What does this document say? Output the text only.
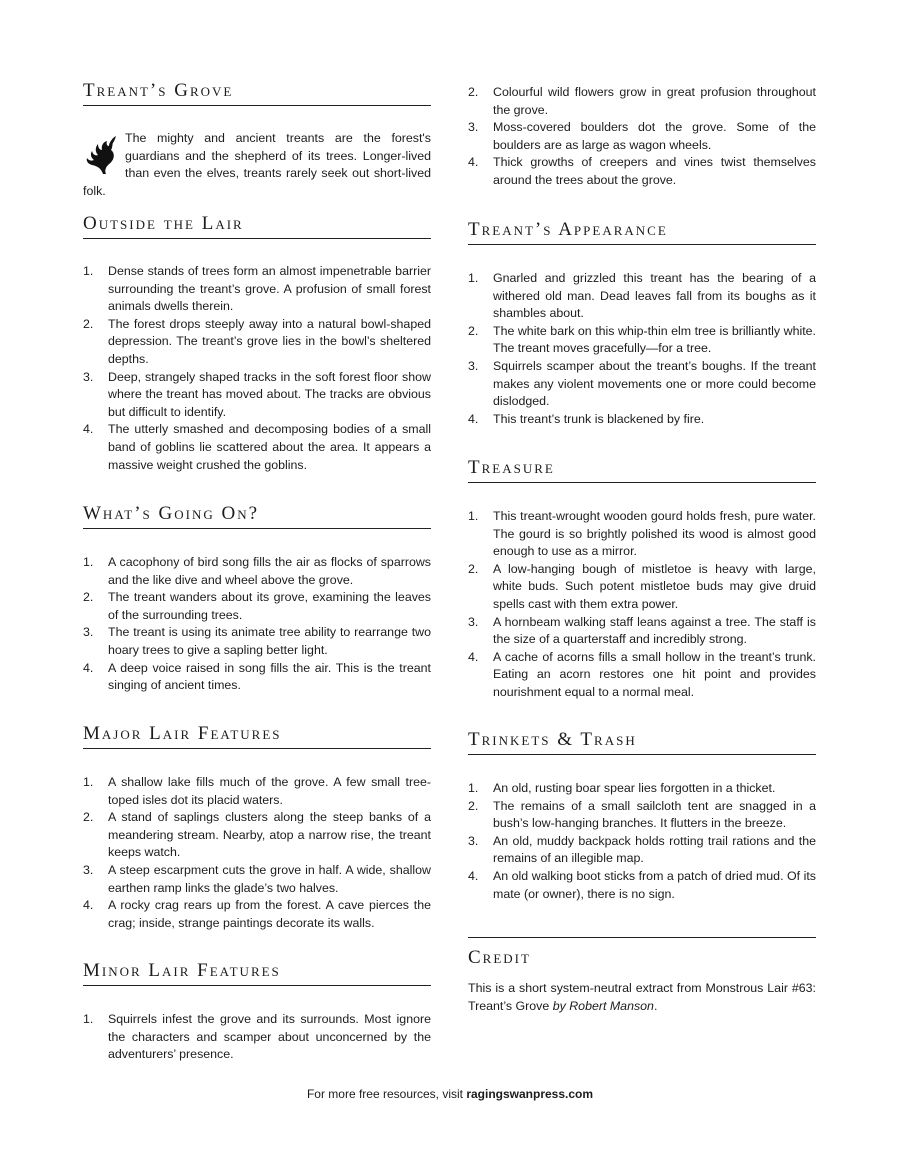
Treant’s Grove
The mighty and ancient treants are the forest's guardians and the shepherd of its trees. Longer-lived than even the elves, treants rarely seek out short-lived folk.
Outside the Lair
1. Dense stands of trees form an almost impenetrable barrier surrounding the treant’s grove. A profusion of small forest animals dwells therein.
2. The forest drops steeply away into a natural bowl-shaped depression. The treant’s grove lies in the bowl’s sheltered depths.
3. Deep, strangely shaped tracks in the soft forest floor show where the treant has moved about. The tracks are obvious but difficult to identify.
4. The utterly smashed and decomposing bodies of a small band of goblins lie scattered about the area. It appears a massive weight crushed the goblins.
What’s Going On?
1. A cacophony of bird song fills the air as flocks of sparrows and the like dive and wheel above the grove.
2. The treant wanders about its grove, examining the leaves of the surrounding trees.
3. The treant is using its animate tree ability to rearrange two hoary trees to give a sapling better light.
4. A deep voice raised in song fills the air. This is the treant singing of ancient times.
Major Lair Features
1. A shallow lake fills much of the grove. A few small tree-toped isles dot its placid waters.
2. A stand of saplings clusters along the steep banks of a meandering stream. Nearby, atop a narrow rise, the treant keeps watch.
3. A steep escarpment cuts the grove in half. A wide, shallow earthen ramp links the glade’s two halves.
4. A rocky crag rears up from the forest. A cave pierces the crag; inside, strange paintings decorate its walls.
Minor Lair Features
1. Squirrels infest the grove and its surrounds. Most ignore the characters and scamper about unconcerned by the adventurers’ presence.
2. Colourful wild flowers grow in great profusion throughout the grove.
3. Moss-covered boulders dot the grove. Some of the boulders are as large as wagon wheels.
4. Thick growths of creepers and vines twist themselves around the trees about the grove.
Treant’s Appearance
1. Gnarled and grizzled this treant has the bearing of a withered old man. Dead leaves fall from its boughs as it shambles about.
2. The white bark on this whip-thin elm tree is brilliantly white. The treant moves gracefully—for a tree.
3. Squirrels scamper about the treant’s boughs. If the treant makes any violent movements one or more could become dislodged.
4. This treant’s trunk is blackened by fire.
Treasure
1. This treant-wrought wooden gourd holds fresh, pure water. The gourd is so brightly polished its wood is almost good enough to use as a mirror.
2. A low-hanging bough of mistletoe is heavy with large, white buds. Such potent mistletoe buds may give druid spells cast with them extra power.
3. A hornbeam walking staff leans against a tree. The staff is the size of a quarterstaff and incredibly strong.
4. A cache of acorns fills a small hollow in the treant’s trunk. Eating an acorn restores one hit point and provides nourishment equal to a normal meal.
Trinkets & Trash
1. An old, rusting boar spear lies forgotten in a thicket.
2. The remains of a small sailcloth tent are snagged in a bush’s low-hanging branches. It flutters in the breeze.
3. An old, muddy backpack holds rotting trail rations and the remains of an illegible map.
4. An old walking boot sticks from a patch of dried mud. Of its mate (or owner), there is no sign.
Credit

This is a short system-neutral extract from Monstrous Lair #63: Treant’s Grove by Robert Manson.

For more free resources, visit ragingswanpress.com
